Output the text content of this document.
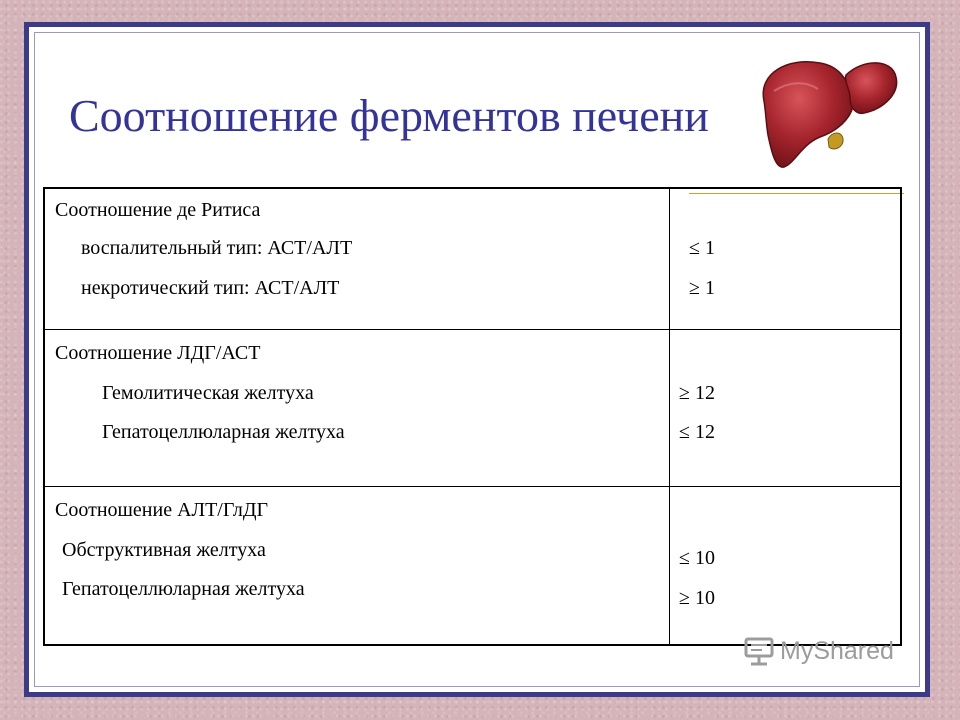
Соотношение ферментов печени
Соотношение де Ритиса
воспалительный тип: АСТ/АЛТ
некротический тип: АСТ/АЛТ
≤ 1
≥ 1
Соотношение ЛДГ/АСТ
Гемолитическая желтуха
Гепатоцеллюларная желтуха
≥ 12
≤ 12
Соотношение АЛТ/ГлДГ
Обструктивная желтуха
Гепатоцеллюларная желтуха
≤ 10
≥ 10
MyShared
